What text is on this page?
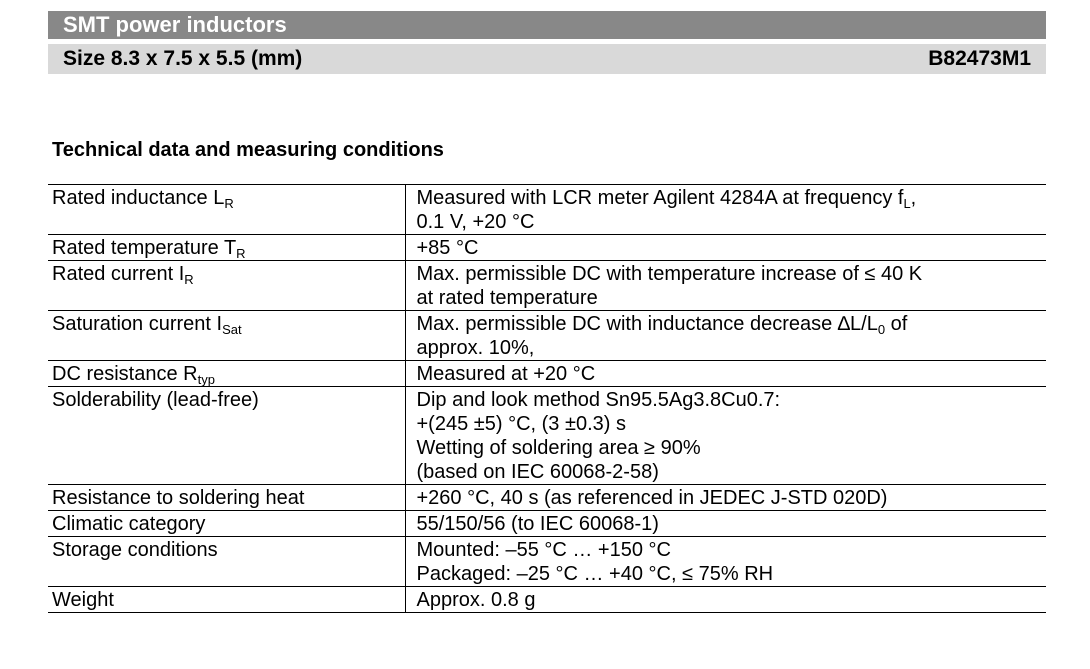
SMT power inductors
Size 8.3 x 7.5 x 5.5 (mm)	B82473M1
Technical data and measuring conditions
Rated inductance $L_R$	Measured with LCR meter Agilent 4284A at frequency $f_L$,
0.1 V, +20 °C

Rated temperature $T_R$	+85 °C

Rated current $I_R$	Max. permissible DC with temperature increase of ≤ 40 K
at rated temperature

Saturation current $I_{Sat}$	Max. permissible DC with inductance decrease $\Delta L/L_0$ of
approx. 10%,

DC resistance $R_{typ}$	Measured at +20 °C

Solderability (lead-free)	Dip and look method Sn95.5Ag3.8Cu0.7:
+(245 ±5) °C, (3 ±0.3) s
Wetting of soldering area ≥ 90%
(based on IEC 60068-2-58)

Resistance to soldering heat	+260 °C, 40 s (as referenced in JEDEC J-STD 020D)

Climatic category	55/150/56 (to IEC 60068-1)

Storage conditions	Mounted: –55 °C … +150 °C
Packaged: –25 °C … +40 °C, ≤ 75% RH

Weight	Approx. 0.8 g
